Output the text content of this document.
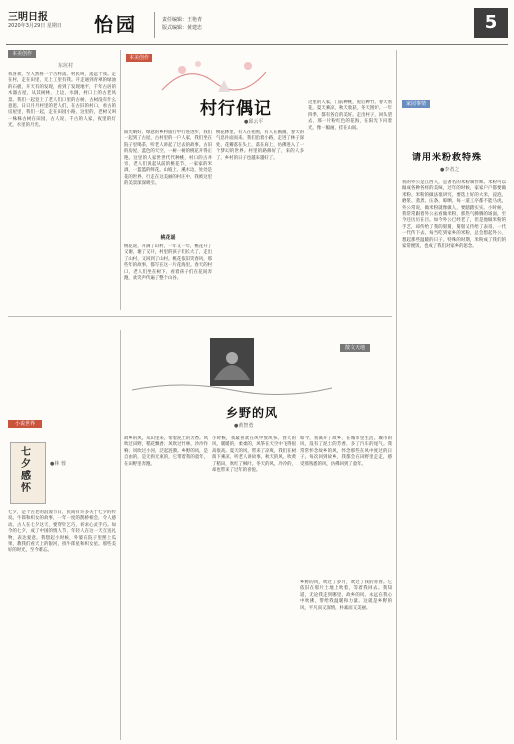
三明日报
2020年3月29日 星期日 怡园	责任编辑：王艳青
版式编辑：黄建忠	5
本美创作
东坑村
我喜欢，至人然将一个古村落，村民叫，遥远于我。走在村，走在田里，无上工里有我。开走通到青翠的绿油的石板，开天有的发现，看到了发现地平，千年古居的木器古屋，从其树林，上边，水涧，村口上的古老风景。我们一起登上了老人们口里的古树，古树没有什么意思，日日月月村里的老人们，在古旧的村口，看古的房屋里，我们一起，走在田园小路，这里的，老树又叫一株株古树在田园，古人说，千古的人家，夜里的灯光，水里的月光。
本美创作
村行偶记
●邱云平
阳光晴好，绿意的乡村旅行中行进进步，我们一起到了古屋，古村里的一户人家，我们坐在院子里喝茶，听老人讲起了过去的故事。古旧的房屋，蓝色的天空，一树一树的桃花开得正艳。这里的人家世世代代种桃，村口的古井旁，老人们说起从前的桃花节，一家家的米酒，一篮篮的鲜花。山坡上，溪水边，处处是花的世界，行走在这美丽的村庄中，我被这里的美景深深吸引。
桃花谣
桃花谣，开满了山村，一年又一年，桃花开了又谢，谢了又开，村里的孩子们长大了，走出了山村，又回到了山村。桃花依旧笑春风，那些年的故事，都写在这一片花海里。春天的村口，老人们坐在树下，看着孩子们在花间奔跑，欢笑声传遍了整个山谷。
桃花林里，有人在拍照，有人在画画，春天的气息扑面而来。我们沿着小路，走进了林子深处，花瓣落在头上，落在肩上，仿佛进入了一个梦幻的世界。村里的路修好了，来的人多了，乡村的日子也越来越好了。
这里的人家，门前种桃，屋后种竹，春天看花，夏天乘凉，秋天收获，冬天围炉。一年四季，都有各自的美好。走出村子，回头望去，那一片粉红色的花海，在阳光下闪着光，像一幅画，挂在山间。
家园事情
请用米粉救特殊
●李者之
我的外公是江西人，是著名的米粉制作师。米粉可以做成各种各样的美味，过年的时候，家家户户都要做米粉。米粉的做法很讲究，要选上好的大米，浸泡、磨浆、蒸煮、压条、晾晒，每一道工序都不能马虎。外公常说，做米粉就像做人，要踏踏实实。小时候，我常常跟着外公去看做米粉，那热气腾腾的场面，至今还历历在目。如今外公已经老了，但是他做米粉的手艺，却传给了我的舅舅，舅舅又传给了表哥，一代一代传下去。每当吃到家乡的米粉，总会想起外公，想起那些温暖的日子。特殊的时期，米粉成了我们的家常便饭，也成了我们对家乡的思念。
小说世界
七夕感怀
●林 蓉
七夕，是个古老的浪漫节日，民间有许多关于七夕的传说。牛郎和织女的故事，一年一度的鹊桥相会，令人感动。古人在七夕这天，要穿针乞巧，祈求心灵手巧。如今的七夕，成了中国的情人节，年轻人在这一天互送礼物，表达爱意。我想起小时候，外婆在院子里摆上瓜果，教我们看天上的银河，找牛郎星和织女星。那些美好的时光，至今难忘。
散文天地
乡野的风
●黄智勇
故乡的风，从山里来，带着泥土的芳香。风吹过田野，稻花飘香；风吹过竹林，沙沙作响；风吹过小河，泛起涟漪。乡野的风，是自由的，是无拘无束的，它带着我的童年，在田野里奔跑。
小时候，我最喜欢在风中放风筝。春天的风，暖暖的，柔柔的，风筝在天空中飞得很高很高。夏天的风，带来了凉爽，我们在树荫下乘凉，听老人讲故事。秋天的风，吹黄了稻田，吹红了枫叶。冬天的风，冷冷的，却也带来了过年的喜悦。
如今，我离开了故乡，在城市里生活。城市的风，没有了泥土的芳香，多了汽车的尾气。我常常怀念故乡的风，怀念那些在风中度过的日子。每次回到故乡，我都会在田野里走走，感受那熟悉的风，仿佛回到了童年。
乡野的风，吹过了岁月，吹过了我的青春。它依旧在那片土地上吹着，等着我回去。我知道，无论我走到哪里，故乡的风，永远在我心中吹拂，带给我温暖和力量。这就是乡野的风，平凡而又深情，朴素而又美丽。
